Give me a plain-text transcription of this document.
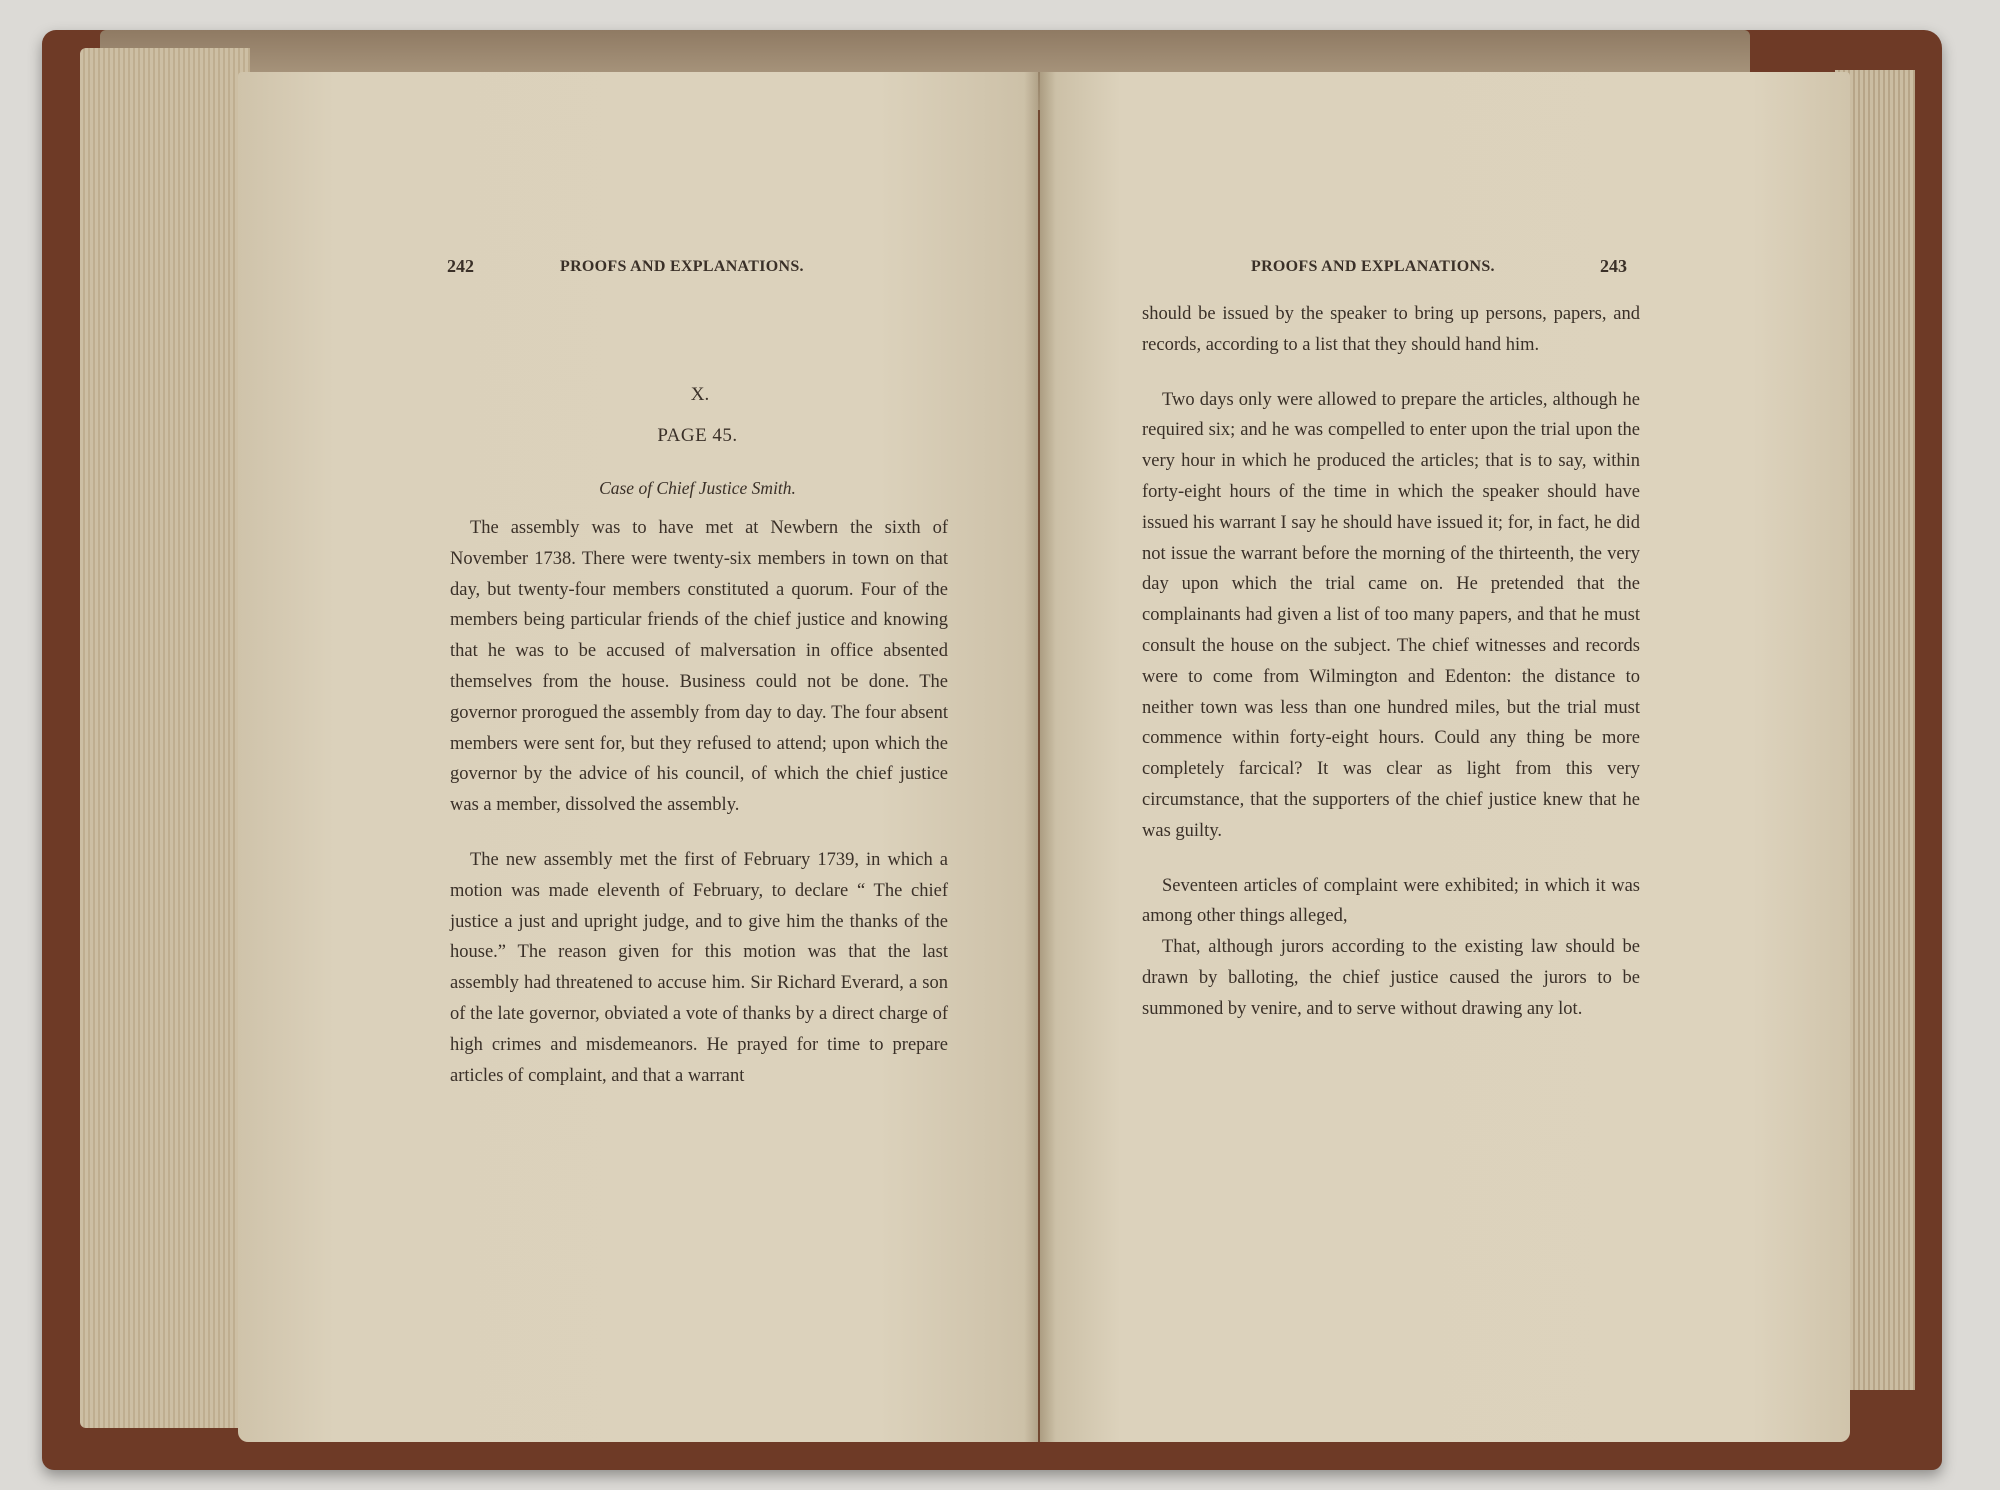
242	PROOFS AND EXPLANATIONS.
X.
PAGE 45.
Case of Chief Justice Smith.

The assembly was to have met at Newbern the sixth of November 1738. There were twenty-six members in town on that day, but twenty-four members constituted a quorum. Four of the members being particular friends of the chief justice and knowing that he was to be accused of malversation in office absented themselves from the house. Business could not be done. The governor prorogued the assembly from day to day. The four absent members were sent for, but they refused to attend; upon which the governor by the advice of his council, of which the chief justice was a member, dissolved the assembly.

The new assembly met the first of February 1739, in which a motion was made eleventh of February, to declare “ The chief justice a just and upright judge, and to give him the thanks of the house.” The reason given for this motion was that the last assembly had threatened to accuse him. Sir Richard Everard, a son of the late governor, obviated a vote of thanks by a direct charge of high crimes and misdemeanors. He prayed for time to prepare articles of complaint, and that a warrant

PROOFS AND EXPLANATIONS.	243

should be issued by the speaker to bring up persons, papers, and records, according to a list that they should hand him.

Two days only were allowed to prepare the articles, although he required six; and he was compelled to enter upon the trial upon the very hour in which he produced the articles; that is to say, within forty-eight hours of the time in which the speaker should have issued his warrant I say he should have issued it; for, in fact, he did not issue the warrant before the morning of the thirteenth, the very day upon which the trial came on. He pretended that the complainants had given a list of too many papers, and that he must consult the house on the subject. The chief witnesses and records were to come from Wilmington and Edenton: the distance to neither town was less than one hundred miles, but the trial must commence within forty-eight hours. Could any thing be more completely farcical? It was clear as light from this very circumstance, that the supporters of the chief justice knew that he was guilty.

Seventeen articles of complaint were exhibited; in which it was among other things alleged,

That, although jurors according to the existing law should be drawn by balloting, the chief justice caused the jurors to be summoned by venire, and to serve without drawing any lot.
